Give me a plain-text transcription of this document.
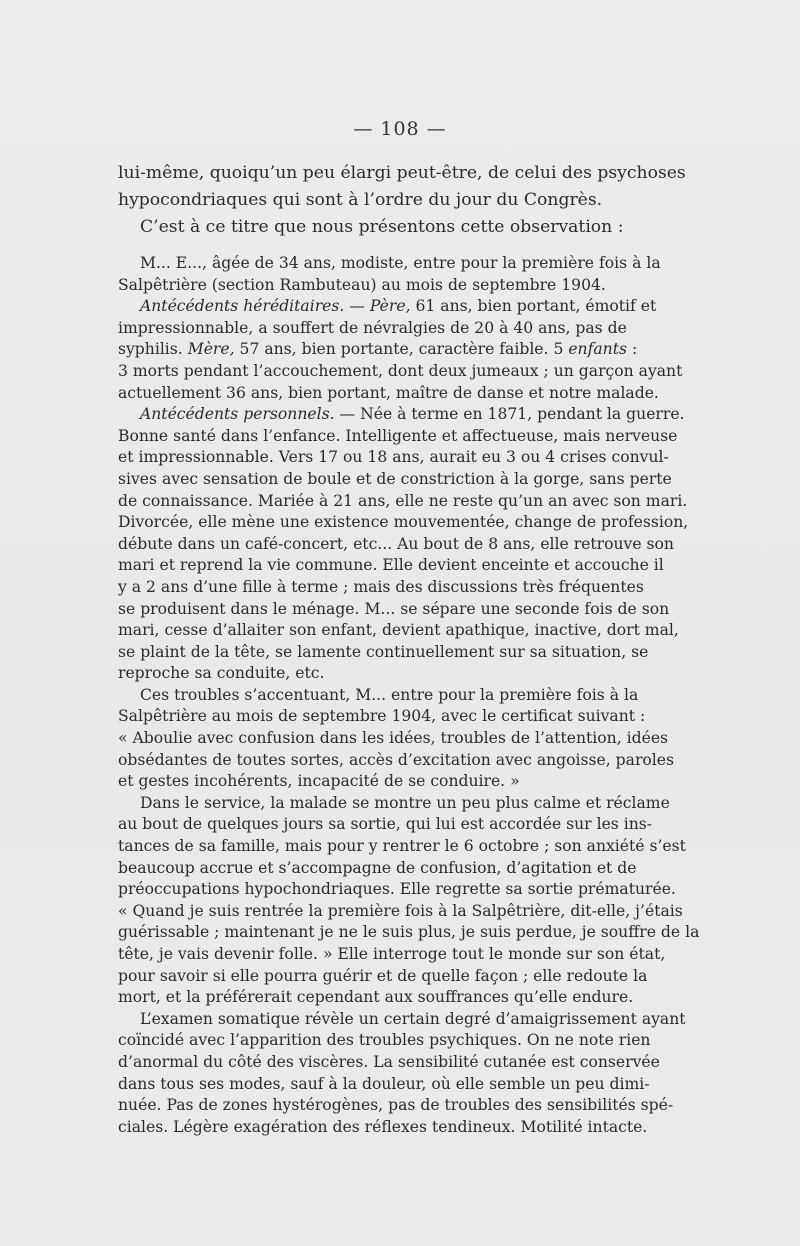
— 108 —
lui-même, quoiqu’un peu élargi peut-être, de celui des psychoses
hypocondriaques qui sont à l’ordre du jour du Congrès.
C’est à ce titre que nous présentons cette observation :
M... E..., âgée de 34 ans, modiste, entre pour la première fois à la
Salpêtrière (section Rambuteau) au mois de septembre 1904.
Antécédents héréditaires. — Père, 61 ans, bien portant, émotif et
impressionnable, a souffert de névralgies de 20 à 40 ans, pas de
syphilis. Mère, 57 ans, bien portante, caractère faible. 5 enfants :
3 morts pendant l’accouchement, dont deux jumeaux ; un garçon ayant
actuellement 36 ans, bien portant, maître de danse et notre malade.
Antécédents personnels. — Née à terme en 1871, pendant la guerre.
Bonne santé dans l’enfance. Intelligente et affectueuse, mais nerveuse
et impressionnable. Vers 17 ou 18 ans, aurait eu 3 ou 4 crises convul-
sives avec sensation de boule et de constriction à la gorge, sans perte
de connaissance. Mariée à 21 ans, elle ne reste qu’un an avec son mari.
Divorcée, elle mène une existence mouvementée, change de profession,
débute dans un café-concert, etc... Au bout de 8 ans, elle retrouve son
mari et reprend la vie commune. Elle devient enceinte et accouche il
y a 2 ans d’une fille à terme ; mais des discussions très fréquentes
se produisent dans le ménage. M... se sépare une seconde fois de son
mari, cesse d’allaiter son enfant, devient apathique, inactive, dort mal,
se plaint de la tête, se lamente continuellement sur sa situation, se
reproche sa conduite, etc.
Ces troubles s’accentuant, M... entre pour la première fois à la
Salpêtrière au mois de septembre 1904, avec le certificat suivant :
« Aboulie avec confusion dans les idées, troubles de l’attention, idées
obsédantes de toutes sortes, accès d’excitation avec angoisse, paroles
et gestes incohérents, incapacité de se conduire. »
Dans le service, la malade se montre un peu plus calme et réclame
au bout de quelques jours sa sortie, qui lui est accordée sur les ins-
tances de sa famille, mais pour y rentrer le 6 octobre ; son anxiété s’est
beaucoup accrue et s’accompagne de confusion, d’agitation et de
préoccupations hypochondriaques. Elle regrette sa sortie prématurée.
« Quand je suis rentrée la première fois à la Salpêtrière, dit-elle, j’étais
guérissable ; maintenant je ne le suis plus, je suis perdue, je souffre de la
tête, je vais devenir folle. » Elle interroge tout le monde sur son état,
pour savoir si elle pourra guérir et de quelle façon ; elle redoute la
mort, et la préférerait cependant aux souffrances qu’elle endure.
L’examen somatique révèle un certain degré d’amaigrissement ayant
coïncidé avec l’apparition des troubles psychiques. On ne note rien
d’anormal du côté des viscères. La sensibilité cutanée est conservée
dans tous ses modes, sauf à la douleur, où elle semble un peu dimi-
nuée. Pas de zones hystérogènes, pas de troubles des sensibilités spé-
ciales. Légère exagération des réflexes tendineux. Motilité intacte.
